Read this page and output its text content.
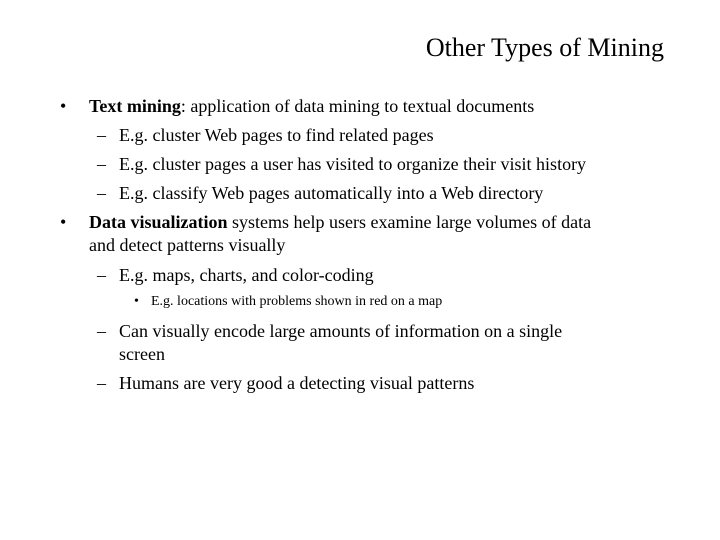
Other Types of Mining
• Text mining: application of data mining to textual documents
– E.g. cluster Web pages to find related pages
– E.g. cluster pages a user has visited to organize their visit history
– E.g. classify Web pages automatically into a Web directory
• Data visualization systems help users examine large volumes of data
and detect patterns visually
– E.g. maps, charts, and color-coding
• E.g. locations with problems shown in red on a map
– Can visually encode large amounts of information on a single
screen
– Humans are very good a detecting visual patterns
